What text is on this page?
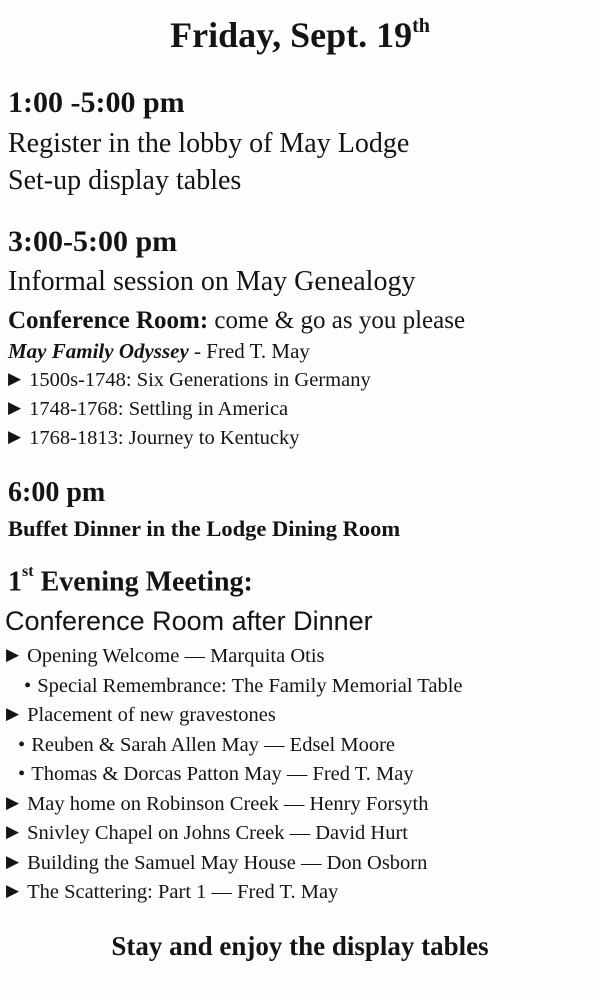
Friday, Sept. 19th
1:00 -5:00 pm
Register in the lobby of May Lodge
Set-up display tables
3:00-5:00 pm
Informal session on May Genealogy
Conference Room: come & go as you please
May Family Odyssey - Fred T. May
▶ 1500s-1748: Six Generations in Germany
▶ 1748-1768: Settling in America
▶ 1768-1813: Journey to Kentucky
6:00 pm
Buffet Dinner in the Lodge Dining Room
1st Evening Meeting:
Conference Room after Dinner
▶ Opening Welcome — Marquita Otis
• Special Remembrance: The Family Memorial Table
▶ Placement of new gravestones
• Reuben & Sarah Allen May — Edsel Moore
• Thomas & Dorcas Patton May — Fred T. May
▶ May home on Robinson Creek — Henry Forsyth
▶ Snivley Chapel on Johns Creek — David Hurt
▶ Building the Samuel May House — Don Osborn
▶ The Scattering: Part 1 — Fred T. May
Stay and enjoy the display tables
